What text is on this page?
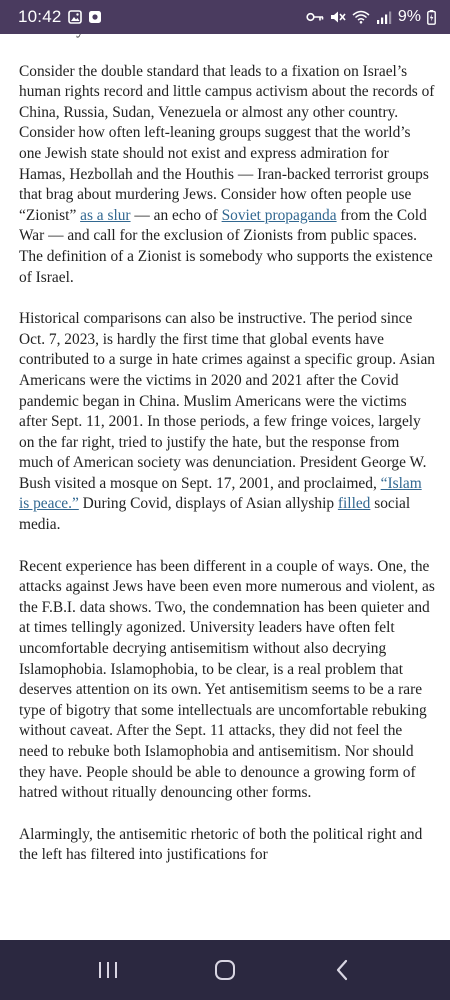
10:42	9%

Consider the double standard that leads to a fixation on Israel’s human rights record and little campus activism about the records of China, Russia, Sudan, Venezuela or almost any other country. Consider how often left-leaning groups suggest that the world’s one Jewish state should not exist and express admiration for Hamas, Hezbollah and the Houthis — Iran-backed terrorist groups that brag about murdering Jews. Consider how often people use “Zionist” as a slur — an echo of Soviet propaganda from the Cold War — and call for the exclusion of Zionists from public spaces. The definition of a Zionist is somebody who supports the existence of Israel.

Historical comparisons can also be instructive. The period since Oct. 7, 2023, is hardly the first time that global events have contributed to a surge in hate crimes against a specific group. Asian Americans were the victims in 2020 and 2021 after the Covid pandemic began in China. Muslim Americans were the victims after Sept. 11, 2001. In those periods, a few fringe voices, largely on the far right, tried to justify the hate, but the response from much of American society was denunciation. President George W. Bush visited a mosque on Sept. 17, 2001, and proclaimed, “Islam is peace.” During Covid, displays of Asian allyship filled social media.

Recent experience has been different in a couple of ways. One, the attacks against Jews have been even more numerous and violent, as the F.B.I. data shows. Two, the condemnation has been quieter and at times tellingly agonized. University leaders have often felt uncomfortable decrying antisemitism without also decrying Islamophobia. Islamophobia, to be clear, is a real problem that deserves attention on its own. Yet antisemitism seems to be a rare type of bigotry that some intellectuals are uncomfortable rebuking without caveat. After the Sept. 11 attacks, they did not feel the need to rebuke both Islamophobia and antisemitism. Nor should they have. People should be able to denounce a growing form of hatred without ritually denouncing other forms.

Alarmingly, the antisemitic rhetoric of both the political right and the left has filtered into justifications for
